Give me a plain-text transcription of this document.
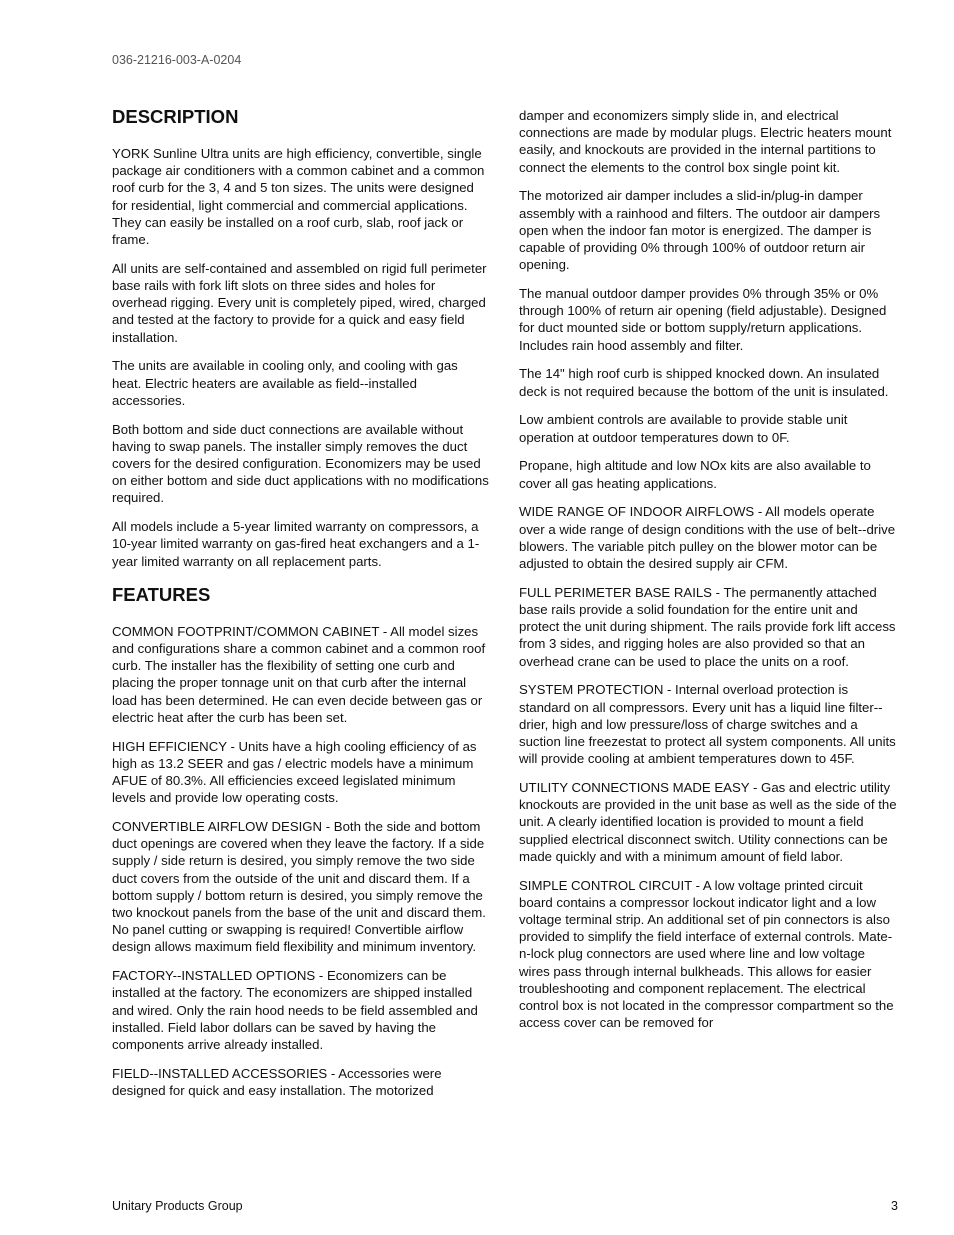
036-21216-003-A-0204
DESCRIPTION

YORK Sunline Ultra units are high efficiency, convertible, single package air conditioners with a common cabinet and a common roof curb for the 3, 4 and 5 ton sizes. The units were designed for residential, light commercial and commercial applications. They can easily be installed on a roof curb, slab, roof jack or frame.

All units are self-contained and assembled on rigid full perimeter base rails with fork lift slots on three sides and holes for overhead rigging. Every unit is completely piped, wired, charged and tested at the factory to provide for a quick and easy field installation.

The units are available in cooling only, and cooling with gas heat. Electric heaters are available as field--installed accessories.

Both bottom and side duct connections are available without having to swap panels. The installer simply removes the duct covers for the desired configuration. Economizers may be used on either bottom and side duct applications with no modifications required.

All models include a 5-year limited warranty on compressors, a 10-year limited warranty on gas-fired heat exchangers and a 1-year limited warranty on all replacement parts.

FEATURES

COMMON FOOTPRINT/COMMON CABINET - All model sizes and configurations share a common cabinet and a common roof curb. The installer has the flexibility of setting one curb and placing the proper tonnage unit on that curb after the internal load has been determined. He can even decide between gas or electric heat after the curb has been set.

HIGH EFFICIENCY - Units have a high cooling efficiency of as high as 13.2 SEER and gas / electric models have a minimum AFUE of 80.3%. All efficiencies exceed legislated minimum levels and provide low operating costs.

CONVERTIBLE AIRFLOW DESIGN - Both the side and bottom duct openings are covered when they leave the factory. If a side supply / side return is desired, you simply remove the two side duct covers from the outside of the unit and discard them. If a bottom supply / bottom return is desired, you simply remove the two knockout panels from the base of the unit and discard them. No panel cutting or swapping is required! Convertible airflow design allows maximum field flexibility and minimum inventory.

FACTORY--INSTALLED OPTIONS - Economizers can be installed at the factory. The economizers are shipped installed and wired. Only the rain hood needs to be field assembled and installed. Field labor dollars can be saved by having the components arrive already installed.

FIELD--INSTALLED ACCESSORIES - Accessories were designed for quick and easy installation. The motorized

damper and economizers simply slide in, and electrical connections are made by modular plugs. Electric heaters mount easily, and knockouts are provided in the internal partitions to connect the elements to the control box single point kit.

The motorized air damper includes a slid-in/plug-in damper assembly with a rainhood and filters. The outdoor air dampers open when the indoor fan motor is energized. The damper is capable of providing 0% through 100% of outdoor return air opening.

The manual outdoor damper provides 0% through 35% or 0% through 100% of return air opening (field adjustable). Designed for duct mounted side or bottom supply/return applications. Includes rain hood assembly and filter.

The 14" high roof curb is shipped knocked down. An insulated deck is not required because the bottom of the unit is insulated.

Low ambient controls are available to provide stable unit operation at outdoor temperatures down to 0F.

Propane, high altitude and low NOx kits are also available to cover all gas heating applications.

WIDE RANGE OF INDOOR AIRFLOWS - All models operate over a wide range of design conditions with the use of belt--drive blowers. The variable pitch pulley on the blower motor can be adjusted to obtain the desired supply air CFM.

FULL PERIMETER BASE RAILS - The permanently attached base rails provide a solid foundation for the entire unit and protect the unit during shipment. The rails provide fork lift access from 3 sides, and rigging holes are also provided so that an overhead crane can be used to place the units on a roof.

SYSTEM PROTECTION - Internal overload protection is standard on all compressors. Every unit has a liquid line filter--drier, high and low pressure/loss of charge switches and a suction line freezestat to protect all system components. All units will provide cooling at ambient temperatures down to 45F.

UTILITY CONNECTIONS MADE EASY - Gas and electric utility knockouts are provided in the unit base as well as the side of the unit. A clearly identified location is provided to mount a field supplied electrical disconnect switch. Utility connections can be made quickly and with a minimum amount of field labor.

SIMPLE CONTROL CIRCUIT - A low voltage printed circuit board contains a compressor lockout indicator light and a low voltage terminal strip. An additional set of pin connectors is also provided to simplify the field interface of external controls. Mate-n-lock plug connectors are used where line and low voltage wires pass through internal bulkheads. This allows for easier troubleshooting and component replacement. The electrical control box is not located in the compressor compartment so the access cover can be removed for

Unitary Products Group	3
